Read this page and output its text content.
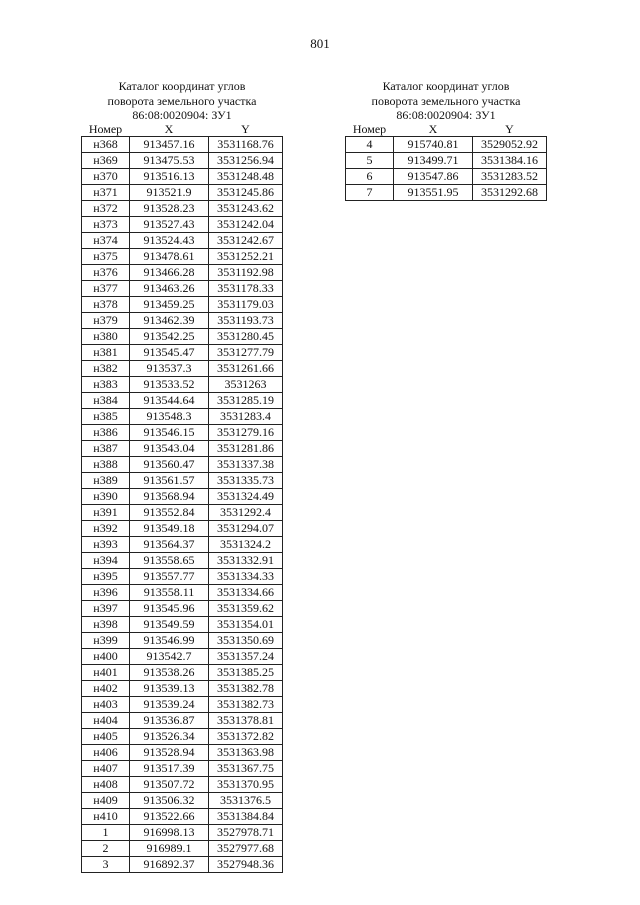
801
Каталог координат углов
поворота земельного участка
86:08:0020904: ЗУ1
Номер	X	Y
н368	913457.16	3531168.76
н369	913475.53	3531256.94
н370	913516.13	3531248.48
н371	913521.9	3531245.86
н372	913528.23	3531243.62
н373	913527.43	3531242.04
н374	913524.43	3531242.67
н375	913478.61	3531252.21
н376	913466.28	3531192.98
н377	913463.26	3531178.33
н378	913459.25	3531179.03
н379	913462.39	3531193.73
н380	913542.25	3531280.45
н381	913545.47	3531277.79
н382	913537.3	3531261.66
н383	913533.52	3531263
н384	913544.64	3531285.19
н385	913548.3	3531283.4
н386	913546.15	3531279.16
н387	913543.04	3531281.86
н388	913560.47	3531337.38
н389	913561.57	3531335.73
н390	913568.94	3531324.49
н391	913552.84	3531292.4
н392	913549.18	3531294.07
н393	913564.37	3531324.2
н394	913558.65	3531332.91
н395	913557.77	3531334.33
н396	913558.11	3531334.66
н397	913545.96	3531359.62
н398	913549.59	3531354.01
н399	913546.99	3531350.69
н400	913542.7	3531357.24
н401	913538.26	3531385.25
н402	913539.13	3531382.78
н403	913539.24	3531382.73
н404	913536.87	3531378.81
н405	913526.34	3531372.82
н406	913528.94	3531363.98
н407	913517.39	3531367.75
н408	913507.72	3531370.95
н409	913506.32	3531376.5
н410	913522.66	3531384.84
1	916998.13	3527978.71
2	916989.1	3527977.68
3	916892.37	3527948.36
Каталог координат углов
поворота земельного участка
86:08:0020904: ЗУ1
Номер	X	Y
4	915740.81	3529052.92
5	913499.71	3531384.16
6	913547.86	3531283.52
7	913551.95	3531292.68
